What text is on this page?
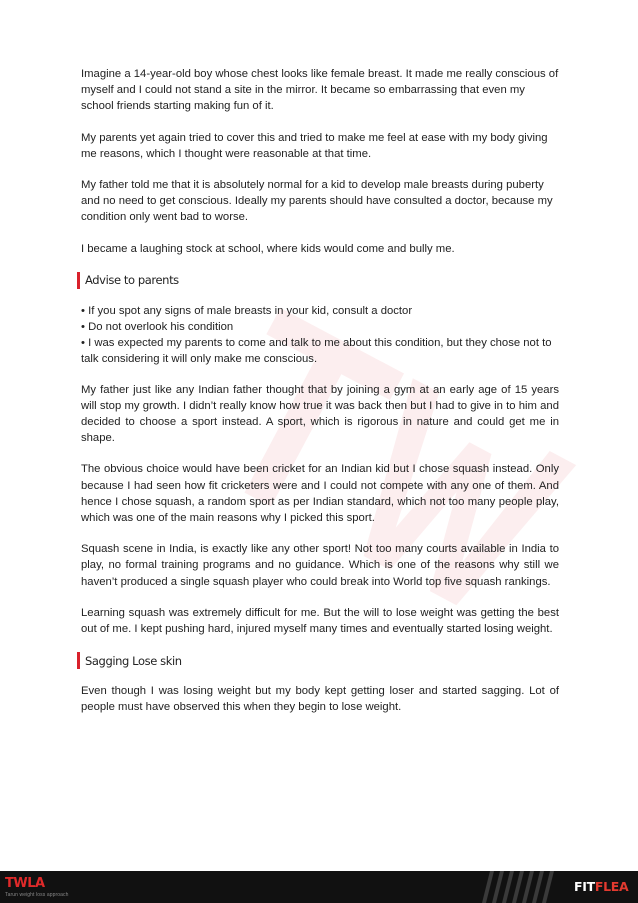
Imagine a 14-year-old boy whose chest looks like female breast. It made me really conscious of myself and I could not stand a site in the mirror. It became so embarrassing that even my school friends starting making fun of it.

My parents yet again tried to cover this and tried to make me feel at ease with my body giving me reasons, which I thought were reasonable at that time.

My father told me that it is absolutely normal for a kid to develop male breasts during puberty and no need to get conscious. Ideally my parents should have consulted a doctor, because my condition only went bad to worse.

I became a laughing stock at school, where kids would come and bully me.

Advise to parents

• If you spot any signs of male breasts in your kid, consult a doctor
• Do not overlook his condition
• I was expected my parents to come and talk to me about this condition, but they chose not to talk considering it will only make me conscious.

My father just like any Indian father thought that by joining a gym at an early age of 15 years will stop my growth. I didn’t really know how true it was back then but I had to give in to him and decided to choose a sport instead. A sport, which is rigorous in nature and could get me in shape.

The obvious choice would have been cricket for an Indian kid but I chose squash instead. Only because I had seen how fit cricketers were and I could not compete with any one of them. And hence I chose squash, a random sport as per Indian standard, which not too many people play, which was one of the main reasons why I picked this sport.

Squash scene in India, is exactly like any other sport! Not too many courts available in India to play, no formal training programs and no guidance. Which is one of the reasons why still we haven’t produced a single squash player who could break into World top five squash rankings.

Learning squash was extremely difficult for me. But the will to lose weight was getting the best out of me. I kept pushing hard, injured myself many times and eventually started losing weight.

Sagging Lose skin

Even though I was losing weight but my body kept getting loser and started sagging. Lot of people must have observed this when they begin to lose weight.

TWLA
Tarun weight loss approach
FITFLEA
